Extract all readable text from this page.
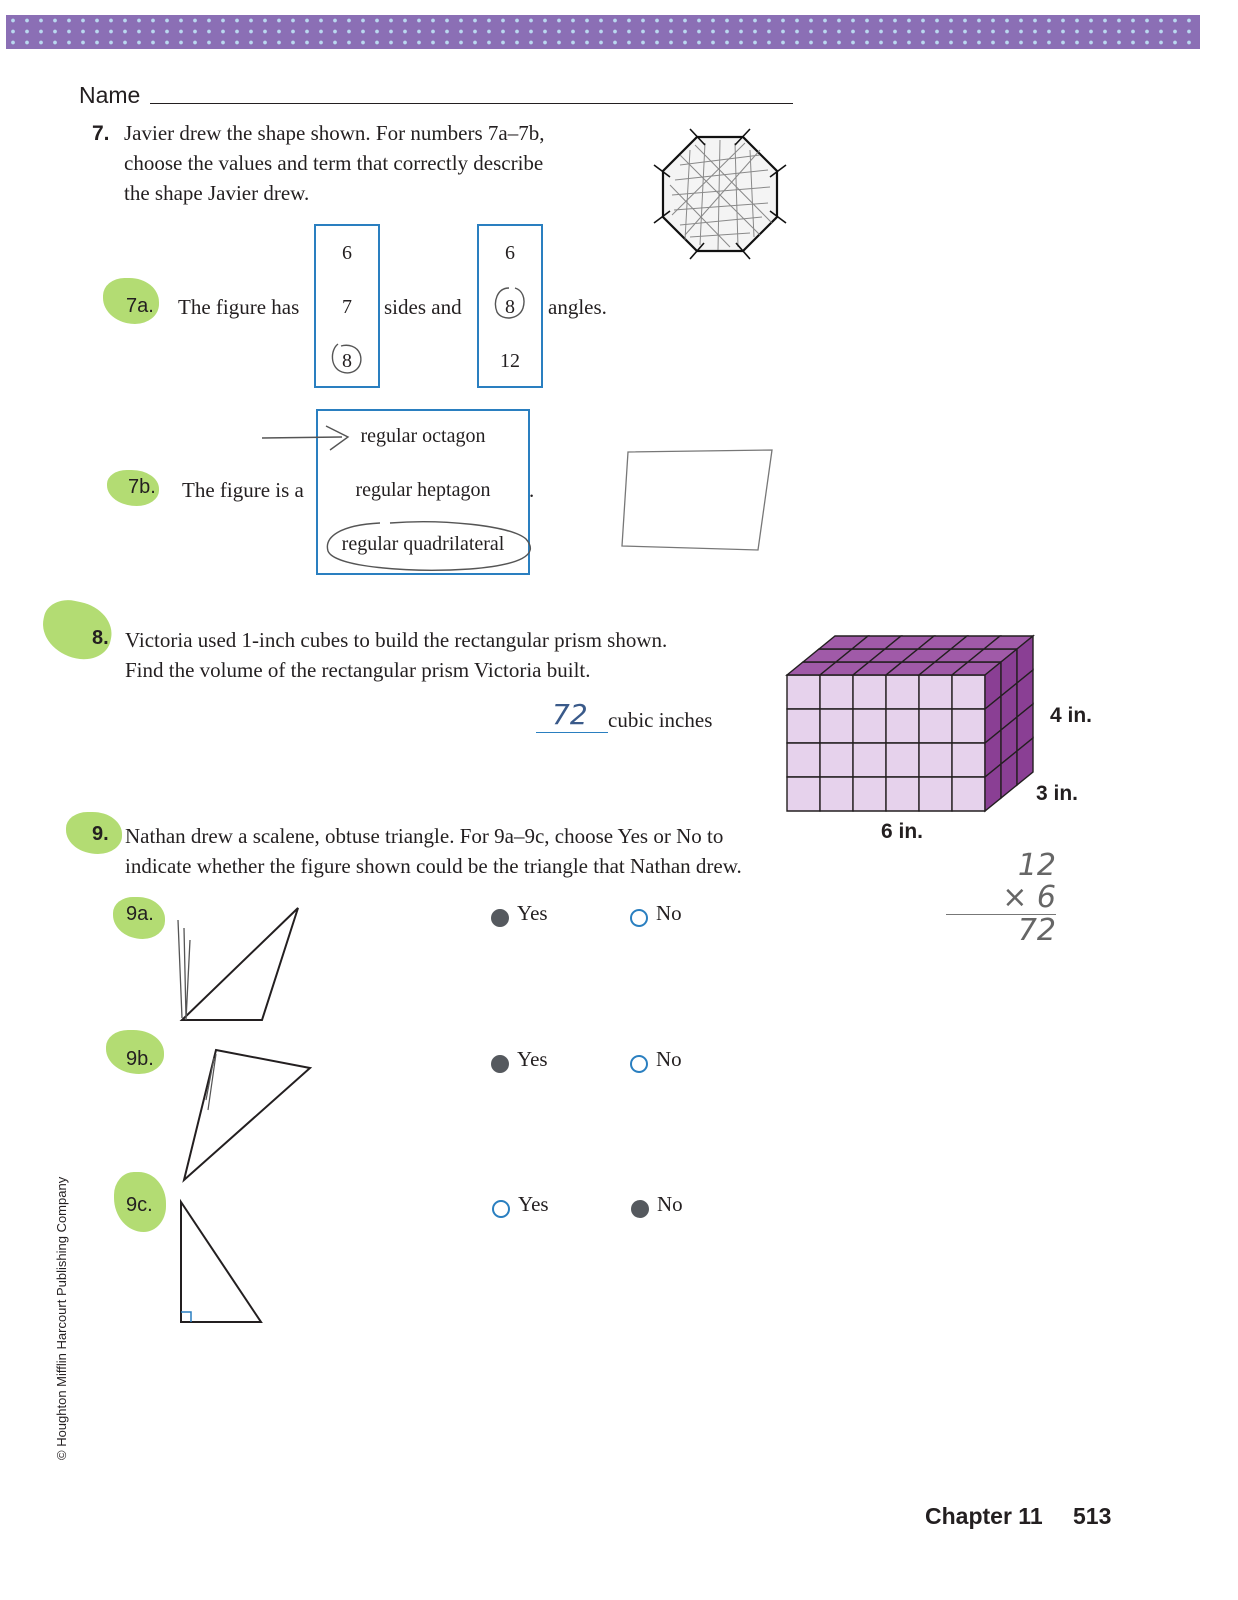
Name
7. Javier drew the shape shown. For numbers 7a–7b,
choose the values and term that correctly describe
the shape Javier drew.
7a. The figure has
6
7
8
sides and
6
8
12
angles.
7b. The figure is a
regular octagon
regular heptagon
regular quadrilateral
.
8. Victoria used 1-inch cubes to build the rectangular prism shown.
Find the volume of the rectangular prism Victoria built.
72 cubic inches	4 in.
3 in.
6 in.
12
× 6
72
9. Nathan drew a scalene, obtuse triangle. For 9a–9c, choose Yes or No to
indicate whether the figure shown could be the triangle that Nathan drew.
9a.	Yes	No
9b.	Yes	No
9c.	Yes	No
© Houghton Mifflin Harcourt Publishing Company
Chapter 11 513
